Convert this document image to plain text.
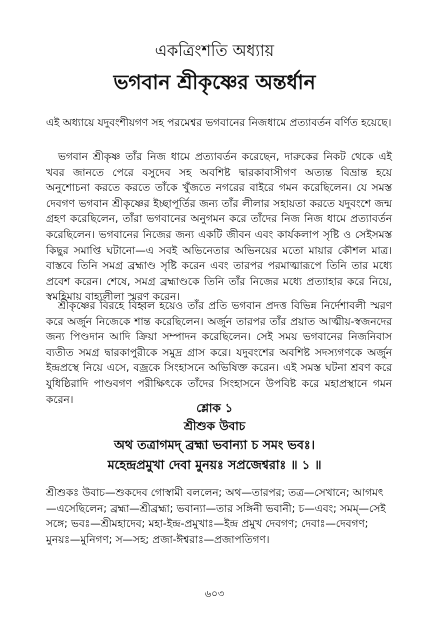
একত্রিংশতি অধ্যায়
ভগবান শ্রীকৃষ্ণের অন্তর্ধান

এই অধ্যায়ে যদুবংশীয়গণ সহ পরমেশ্বর ভগবানের নিজধামে প্রত্যাবর্তন বর্ণিত হয়েছে।

ভগবান শ্রীকৃষ্ণ তাঁর নিজ ধামে প্রত্যাবর্তন করেছেন, দারুকের নিকট থেকে এই খবর জানতে পেরে বসুদেব সহ অবশিষ্ট দ্বারকাবাসীগণ অত্যন্ত বিভ্রান্ত হয়ে অনুশোচনা করতে করতে তাঁকে খুঁজতে নগরের বাইরে গমন করেছিলেন। যে সমস্ত দেবগণ ভগবান শ্রীকৃষ্ণের ইচ্ছাপূর্তির জন্য তাঁর লীলার সহায়তা করতে যদুবংশে জন্ম গ্রহণ করেছিলেন, তাঁরা ভগবানের অনুগমন করে তাঁদের নিজ নিজ ধামে প্রত্যাবর্তন করেছিলেন। ভগবানের নিজের জন্য একটি জীবন এবং কার্যকলাপ সৃষ্টি ও সেইসমস্ত কিছুর সমাপ্তি ঘটানো—এ সবই অভিনেতার অভিনয়ের মতো মায়ার কৌশল মাত্র। বাস্তবে তিনি সমগ্র ব্রহ্মাণ্ড সৃষ্টি করেন এবং তারপর পরমাত্মারূপে তিনি তার মধ্যে প্রবেশ করেন। শেষে, সমগ্র ব্রহ্মাণ্ডকে তিনি তাঁর নিজের মধ্যে প্রত্যাহার করে নিয়ে, স্বমহিমায় বাহ্যলীলা স্মরণ করেন।

শ্রীকৃষ্ণের বিরহে বিহ্বল হয়েও তাঁর প্রতি ভগবান প্রদত্ত বিভিন্ন নির্দেশাবলী স্মরণ করে অর্জুন নিজেকে শান্ত করেছিলেন। অর্জুন তারপর তাঁর প্রয়াত আত্মীয়-স্বজনদের জন্য পিণ্ডদান আদি ক্রিয়া সম্পাদন করেছিলেন। সেই সময় ভগবানের নিজনিবাস ব্যতীত সমগ্র দ্বারকাপুরীকে সমুদ্র গ্রাস করে। যদুবংশের অবশিষ্ট সদস্যগণকে অর্জুন ইন্দ্রপ্রস্থে নিয়ে এসে, বজ্রকে সিংহাসনে অভিষিক্ত করেন। এই সমস্ত ঘটনা শ্রবণ করে যুধিষ্ঠিরাদি পাণ্ডবগণ পরীক্ষিৎকে তাঁদের সিংহাসনে উপবিষ্ট করে মহাপ্রস্থানে গমন করেন।

শ্লোক ১
শ্রীশুক উবাচ
অথ তত্রাগমদ্ ব্রহ্মা ভবান্যা চ সমং ভবঃ।
মহেন্দ্রপ্রমুখা দেবা মুনয়ঃ সপ্রজেশ্বরাঃ ॥ ১ ॥

শ্রীশুকঃ উবাচ—শুকদেব গোস্বামী বললেন; অথ—তারপর; তত্র—সেখানে; আগমৎ—এসেছিলেন; ব্রহ্মা—শ্রীব্রহ্মা; ভবান্যা—তার সঙ্গিনী ভবানী; চ—এবং; সমম্—সেই সঙ্গে; ভবঃ—শ্রীমহাদেব; মহা-ইন্দ্র-প্রমুখাঃ—ইন্দ্র প্রমুখ দেবগণ; দেবাঃ—দেবগণ; মুনয়ঃ—মুনিগণ; স—সহ; প্রজা-ঈশ্বরাঃ—প্রজাপতিগণ।

৬০৩
